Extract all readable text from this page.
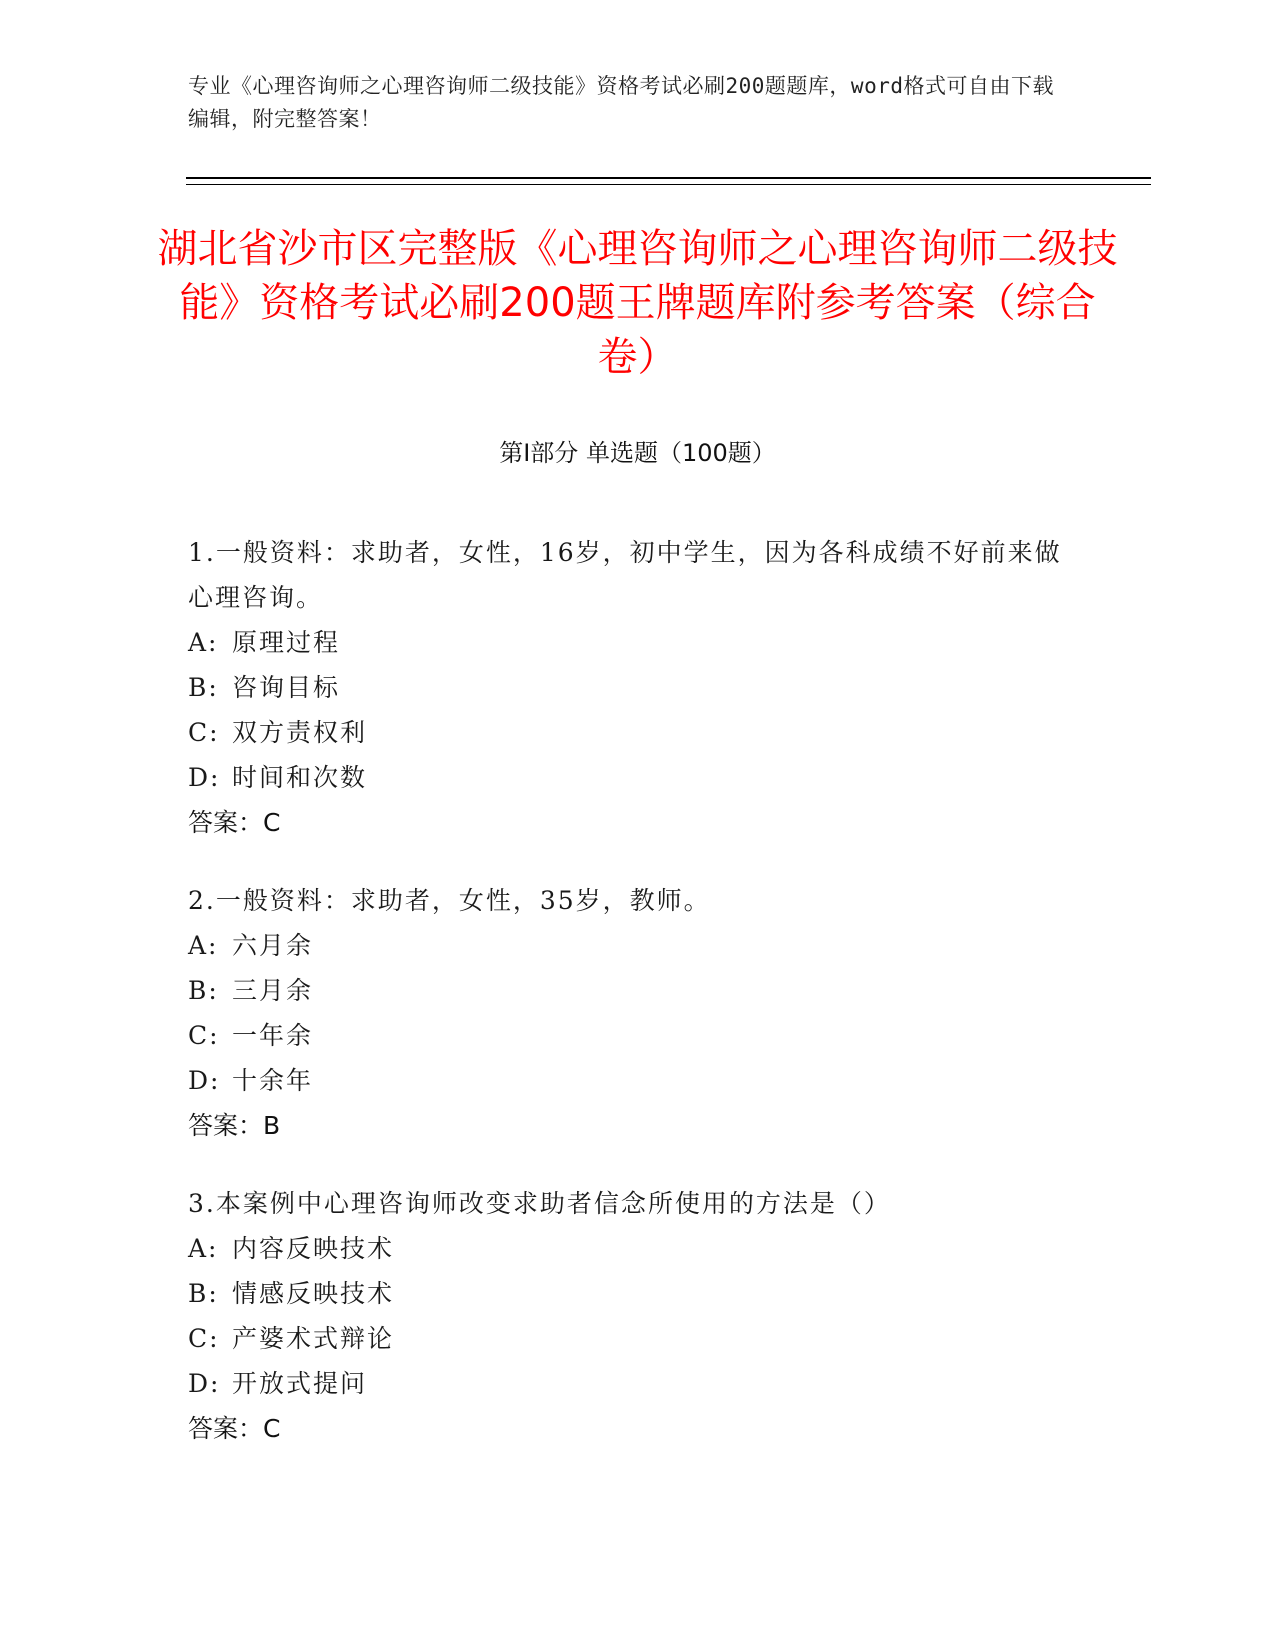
专业《心理咨询师之心理咨询师二级技能》资格考试必刷200题题库，word格式可自由下载编辑，附完整答案！
湖北省沙市区完整版《心理咨询师之心理咨询师二级技能》资格考试必刷200题王牌题库附参考答案（综合卷）
第I部分 单选题（100题）
1.一般资料：求助者，女性，16岁，初中学生，因为各科成绩不好前来做心理咨询。
A: 原理过程
B: 咨询目标
C: 双方责权利
D: 时间和次数
答案：C
2.一般资料：求助者，女性，35岁，教师。
A: 六月余
B: 三月余
C: 一年余
D: 十余年
答案：B
3.本案例中心理咨询师改变求助者信念所使用的方法是（）
A: 内容反映技术
B: 情感反映技术
C: 产婆术式辩论
D: 开放式提问
答案：C
